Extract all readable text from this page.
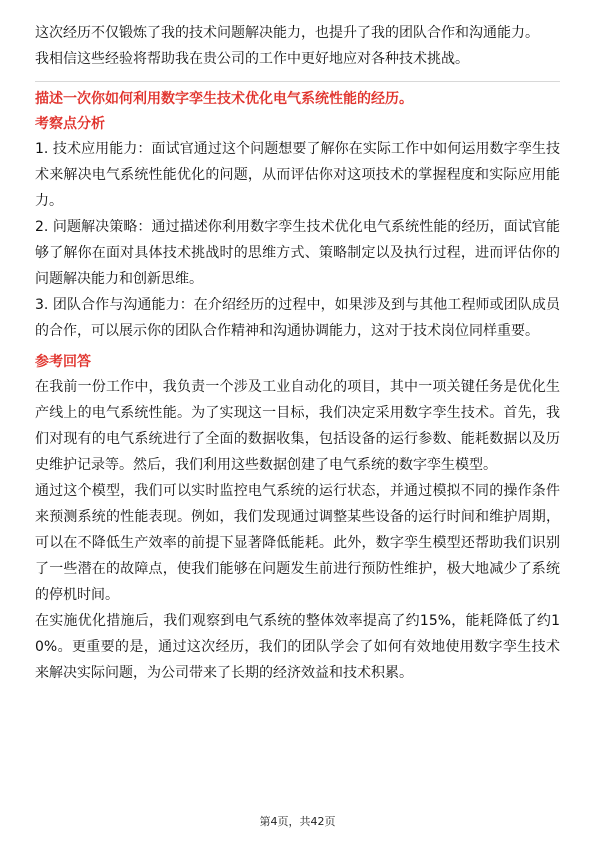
这次经历不仅锻炼了我的技术问题解决能力，也提升了我的团队合作和沟通能力。

我相信这些经验将帮助我在贵公司的工作中更好地应对各种技术挑战。

描述一次你如何利用数字孪生技术优化电气系统性能的经历。

考察点分析

1. 技术应用能力：面试官通过这个问题想要了解你在实际工作中如何运用数字孪生技术来解决电气系统性能优化的问题，从而评估你对这项技术的掌握程度和实际应用能力。

2. 问题解决策略：通过描述你利用数字孪生技术优化电气系统性能的经历，面试官能够了解你在面对具体技术挑战时的思维方式、策略制定以及执行过程，进而评估你的问题解决能力和创新思维。

3. 团队合作与沟通能力：在介绍经历的过程中，如果涉及到与其他工程师或团队成员的合作，可以展示你的团队合作精神和沟通协调能力，这对于技术岗位同样重要。

参考回答

在我前一份工作中，我负责一个涉及工业自动化的项目，其中一项关键任务是优化生产线上的电气系统性能。为了实现这一目标，我们决定采用数字孪生技术。首先，我们对现有的电气系统进行了全面的数据收集，包括设备的运行参数、能耗数据以及历史维护记录等。然后，我们利用这些数据创建了电气系统的数字孪生模型。

通过这个模型，我们可以实时监控电气系统的运行状态，并通过模拟不同的操作条件来预测系统的性能表现。例如，我们发现通过调整某些设备的运行时间和维护周期，可以在不降低生产效率的前提下显著降低能耗。此外，数字孪生模型还帮助我们识别了一些潜在的故障点，使我们能够在问题发生前进行预防性维护，极大地减少了系统的停机时间。

在实施优化措施后，我们观察到电气系统的整体效率提高了约15%，能耗降低了约10%。更重要的是，通过这次经历，我们的团队学会了如何有效地使用数字孪生技术来解决实际问题，为公司带来了长期的经济效益和技术积累。

第4页，共42页
